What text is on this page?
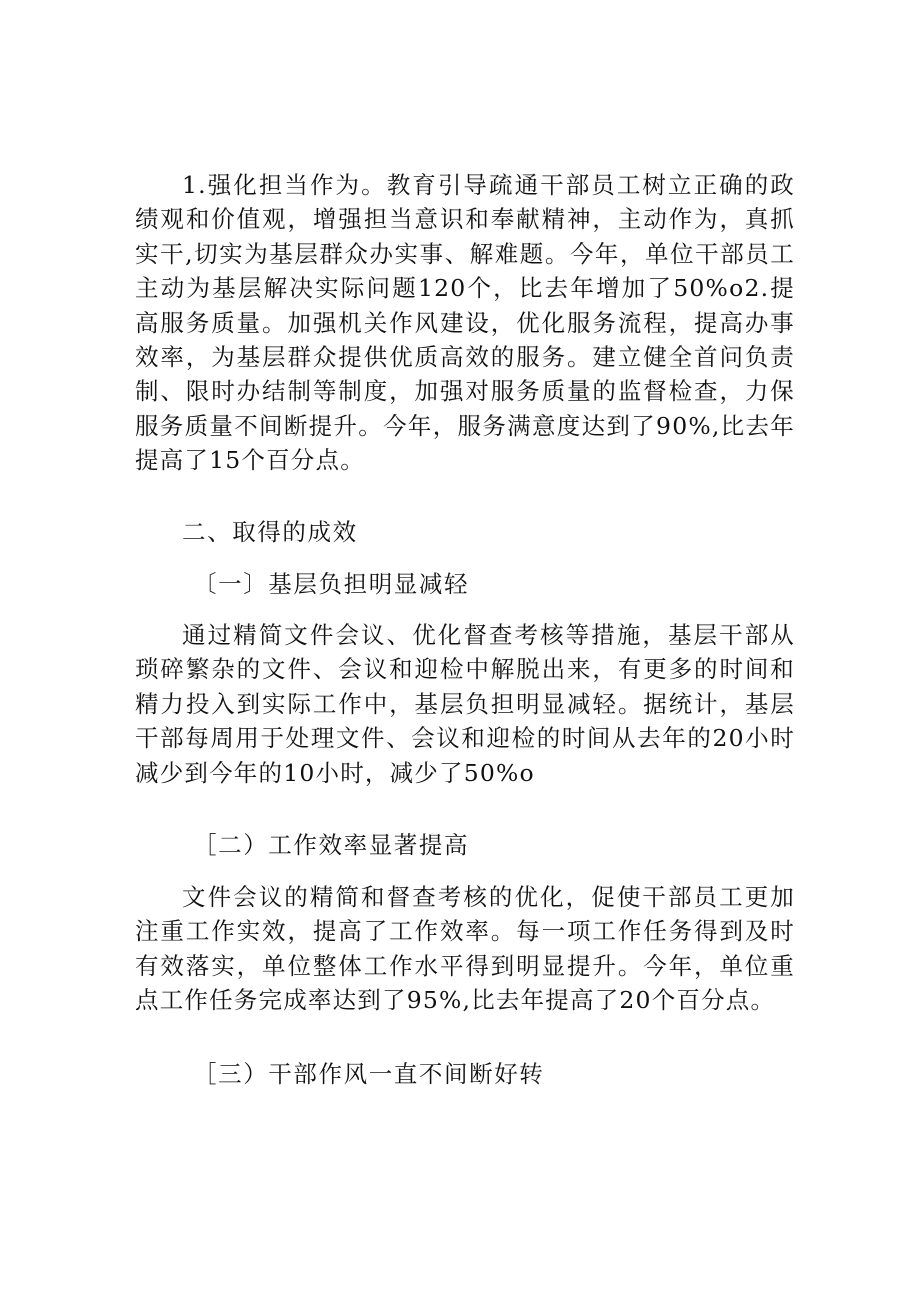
1.强化担当作为。教育引导疏通干部员工树立正确的政绩观和价值观，增强担当意识和奉献精神，主动作为，真抓实干,切实为基层群众办实事、解难题。今年，单位干部员工主动为基层解决实际问题120个，比去年增加了50%o2.提高服务质量。加强机关作风建设，优化服务流程，提高办事效率，为基层群众提供优质高效的服务。建立健全首问负责制、限时办结制等制度，加强对服务质量的监督检查，力保服务质量不间断提升。今年，服务满意度达到了90%,比去年提高了15个百分点。

二、取得的成效

〔一〕基层负担明显减轻

通过精简文件会议、优化督查考核等措施，基层干部从琐碎繁杂的文件、会议和迎检中解脱出来，有更多的时间和精力投入到实际工作中，基层负担明显减轻。据统计，基层干部每周用于处理文件、会议和迎检的时间从去年的20小时减少到今年的10小时，减少了50%o

［二）工作效率显著提高

文件会议的精简和督查考核的优化，促使干部员工更加注重工作实效，提高了工作效率。每一项工作任务得到及时有效落实，单位整体工作水平得到明显提升。今年，单位重点工作任务完成率达到了95%,比去年提高了20个百分点。

［三）干部作风一直不间断好转
